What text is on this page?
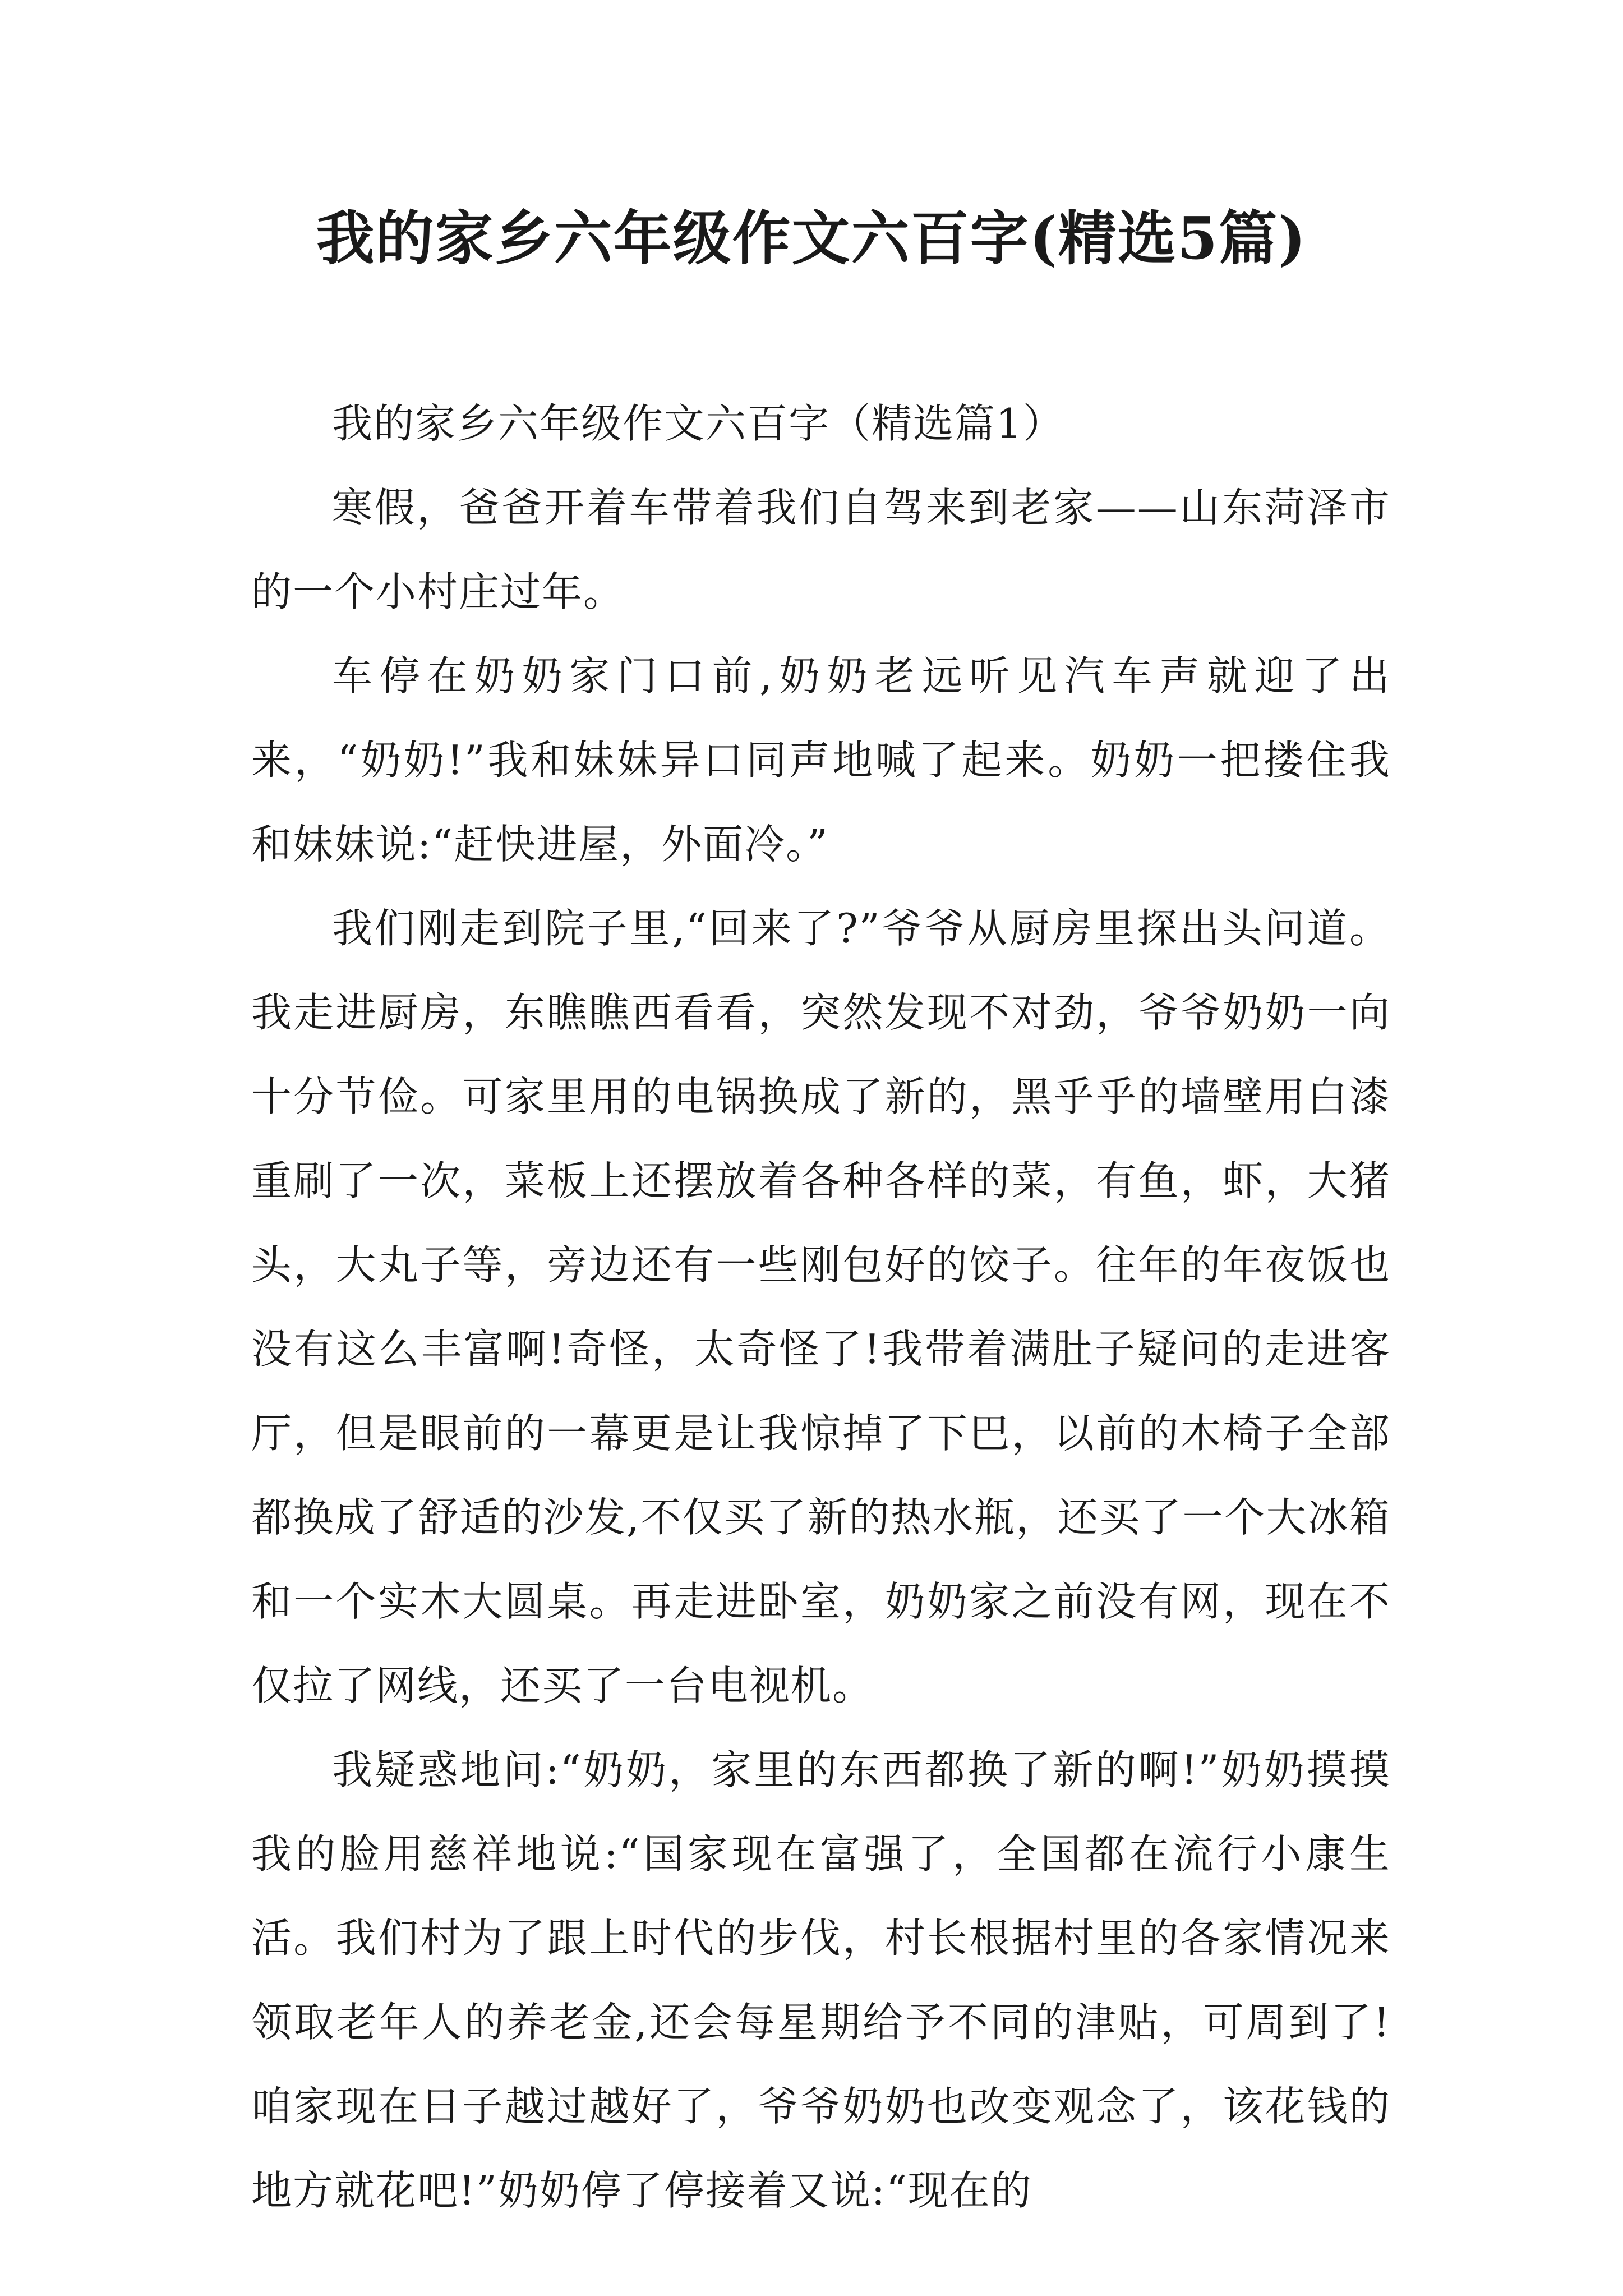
我的家乡六年级作文六百字(精选5篇)

我的家乡六年级作文六百字（精选篇1）

寒假，爸爸开着车带着我们自驾来到老家——山东菏泽市的一个小村庄过年。

车停在奶奶家门口前,奶奶老远听见汽车声就迎了出来，“奶奶!”我和妹妹异口同声地喊了起来。奶奶一把搂住我和妹妹说:“赶快进屋，外面冷。”

我们刚走到院子里,“回来了?”爷爷从厨房里探出头问道。我走进厨房，东瞧瞧西看看，突然发现不对劲，爷爷奶奶一向十分节俭。可家里用的电锅换成了新的，黑乎乎的墙壁用白漆重刷了一次，菜板上还摆放着各种各样的菜，有鱼，虾，大猪头，大丸子等，旁边还有一些刚包好的饺子。往年的年夜饭也没有这么丰富啊!奇怪，太奇怪了!我带着满肚子疑问的走进客厅，但是眼前的一幕更是让我惊掉了下巴，以前的木椅子全部都换成了舒适的沙发,不仅买了新的热水瓶，还买了一个大冰箱和一个实木大圆桌。再走进卧室，奶奶家之前没有网，现在不仅拉了网线，还买了一台电视机。

我疑惑地问:“奶奶，家里的东西都换了新的啊!”奶奶摸摸我的脸用慈祥地说:“国家现在富强了，全国都在流行小康生活。我们村为了跟上时代的步伐，村长根据村里的各家情况来领取老年人的养老金,还会每星期给予不同的津贴，可周到了!咱家现在日子越过越好了，爷爷奶奶也改变观念了，该花钱的地方就花吧!”奶奶停了停接着又说:“现在的
